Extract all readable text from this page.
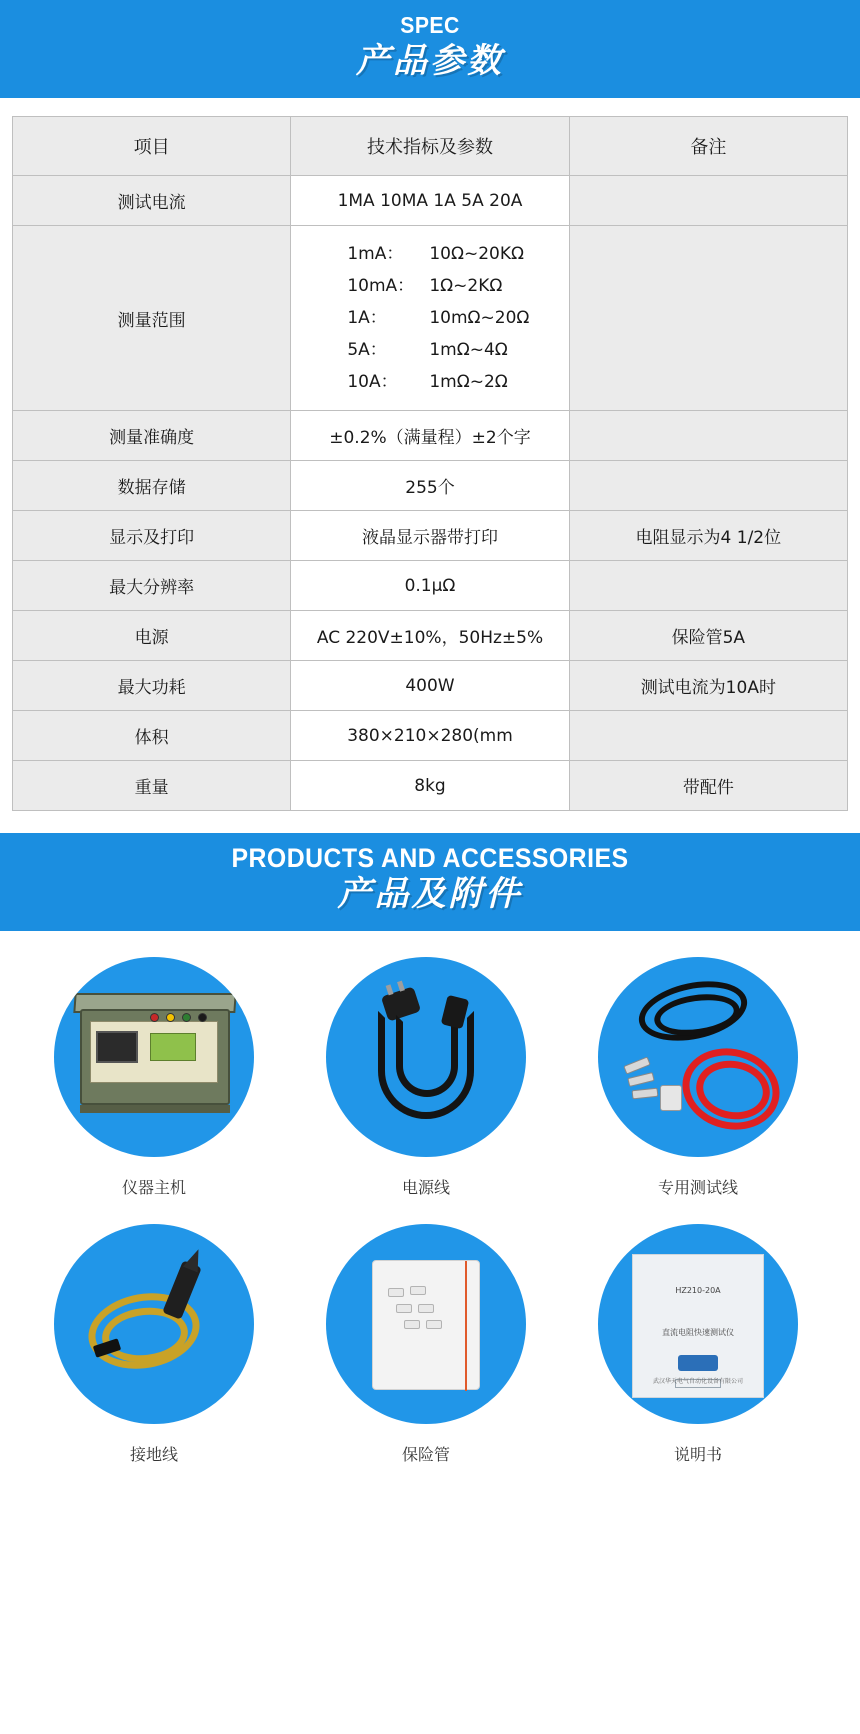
SPEC
产品参数
项目	技术指标及参数	备注
测试电流	1MA 10MA 1A 5A 20A	
测量范围	1mA： 10Ω~20KΩ
10mA： 1Ω~2KΩ
1A： 10mΩ~20Ω
5A： 1mΩ~4Ω
10A： 1mΩ~2Ω	

测量准确度	±0.2%（满量程）±2个字	
数据存储	255个	
显示及打印	液晶显示器带打印	电阻显示为4 1/2位
最大分辨率	0.1μΩ	
电源	AC 220V±10%，50Hz±5%	保险管5A
最大功耗	400W	测试电流为10A时
体积	380×210×280(mm	
重量	8kg	带配件
PRODUCTS AND ACCESSORIES
产品及附件
仪器主机	电源线	专用测试线
接地线	保险管
HZ210-20A
直流电阻快速测试仪
武汉华天电气自动化设备有限公司
说明书
